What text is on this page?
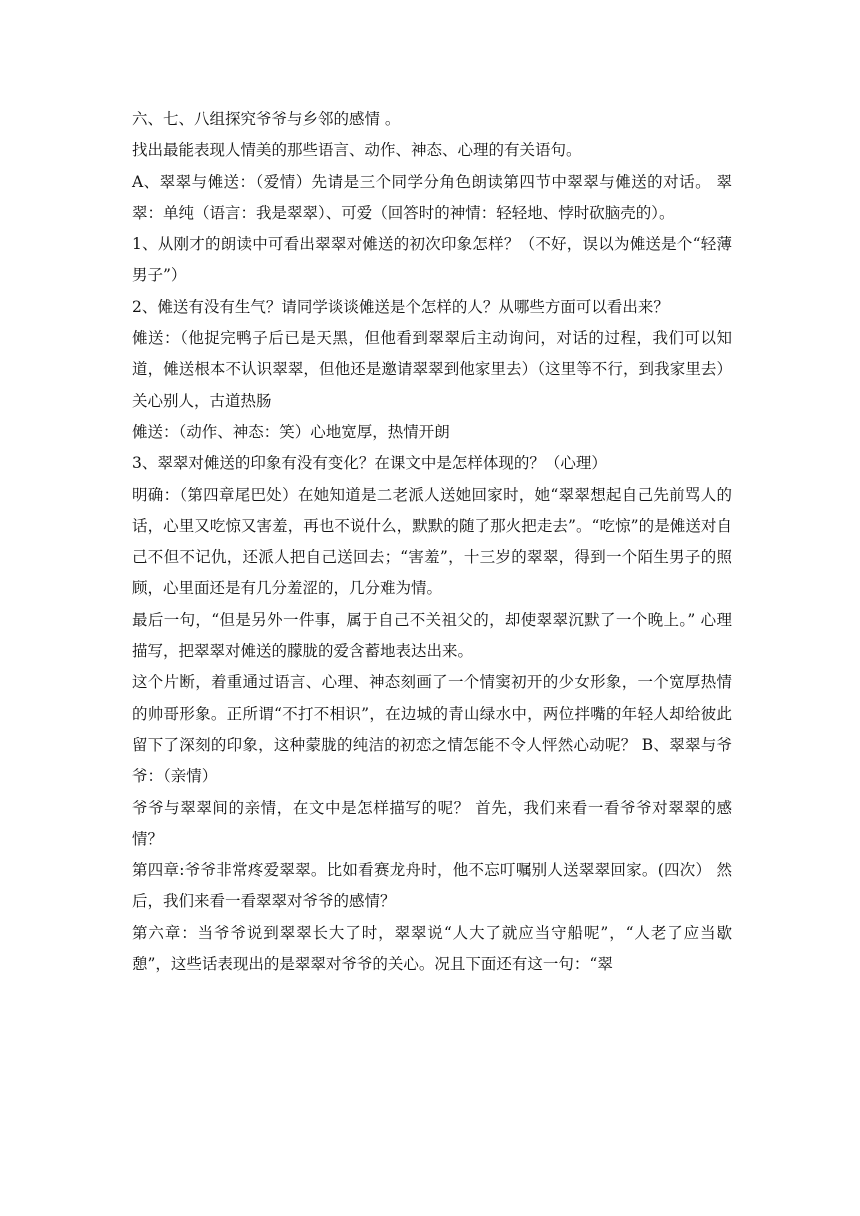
六、七、八组探究爷爷与乡邻的感情 。

找出最能表现人情美的那些语言、动作、神态、心理的有关语句。

A、翠翠与傩送：（爱情）先请是三个同学分角色朗读第四节中翠翠与傩送的对话。 翠翠：单纯（语言：我是翠翠）、可爱（回答时的神情：轻轻地、悖时砍脑壳的）。

1、从刚才的朗读中可看出翠翠对傩送的初次印象怎样？（不好，误以为傩送是个“轻薄男子”）

2、傩送有没有生气？请同学谈谈傩送是个怎样的人？从哪些方面可以看出来？

傩送：（他捉完鸭子后已是天黑，但他看到翠翠后主动询问，对话的过程，我们可以知道，傩送根本不认识翠翠，但他还是邀请翠翠到他家里去）（这里等不行，到我家里去）关心别人，古道热肠

傩送：（动作、神态：笑）心地宽厚，热情开朗

3、翠翠对傩送的印象有没有变化？在课文中是怎样体现的？（心理）

明确：（第四章尾巴处）在她知道是二老派人送她回家时，她“翠翠想起自己先前骂人的话，心里又吃惊又害羞，再也不说什么，默默的随了那火把走去”。“吃惊”的是傩送对自己不但不记仇，还派人把自己送回去；“害羞”，十三岁的翠翠，得到一个陌生男子的照顾，心里面还是有几分羞涩的，几分难为情。

最后一句，“但是另外一件事，属于自己不关祖父的，却使翠翠沉默了一个晚上。” 心理描写，把翠翠对傩送的朦胧的爱含蓄地表达出来。

这个片断，着重通过语言、心理、神态刻画了一个情窦初开的少女形象，一个宽厚热情的帅哥形象。正所谓“不打不相识”，在边城的青山绿水中，两位拌嘴的年轻人却给彼此留下了深刻的印象，这种蒙胧的纯洁的初恋之情怎能不令人怦然心动呢？ B、翠翠与爷爷：（亲情）

爷爷与翠翠间的亲情，在文中是怎样描写的呢？ 首先，我们来看一看爷爷对翠翠的感情？

第四章:爷爷非常疼爱翠翠。比如看赛龙舟时，他不忘叮嘱别人送翠翠回家。(四次） 然后，我们来看一看翠翠对爷爷的感情？

第六章：当爷爷说到翠翠长大了时，翠翠说“人大了就应当守船呢”，“人老了应当歇憩”，这些话表现出的是翠翠对爷爷的关心。况且下面还有这一句：“翠
